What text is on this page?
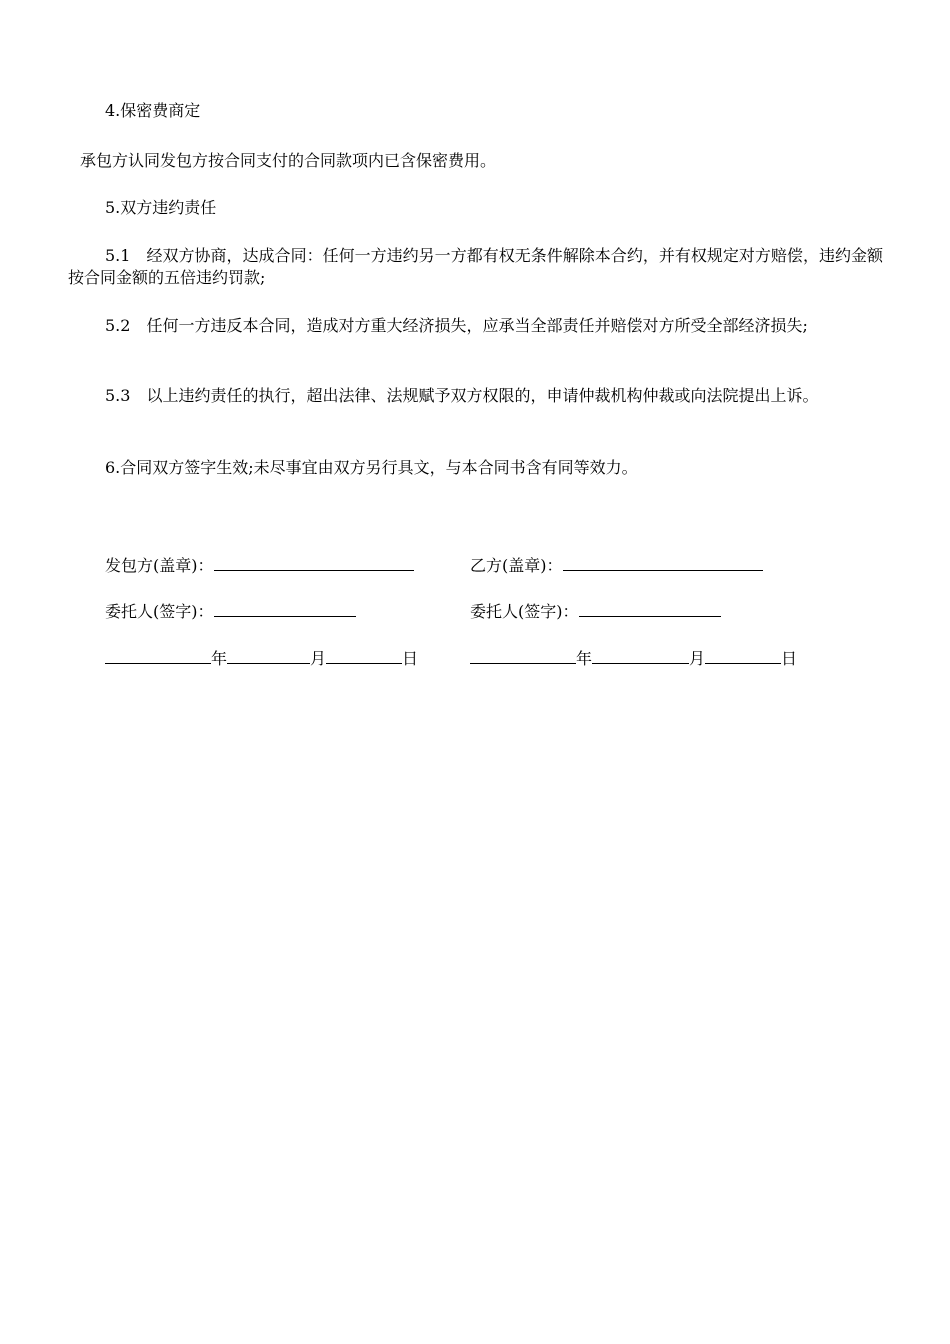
4.保密费商定
承包方认同发包方按合同支付的合同款项内已含保密费用。
5.双方违约责任
5.1　经双方协商，达成合同：任何一方违约另一方都有权无条件解除本合约，并有权规定对方赔偿，违约金额按合同金额的五倍违约罚款;
5.2　任何一方违反本合同，造成对方重大经济损失，应承当全部责任并赔偿对方所受全部经济损失;
5.3　以上违约责任的执行，超出法律、法规赋予双方权限的，申请仲裁机构仲裁或向法院提出上诉。
6.合同双方签字生效;未尽事宜由双方另行具文，与本合同书含有同等效力。
发包方(盖章)：
委托人(签字)：
年	月	日
乙方(盖章)：
委托人(签字)：
年	月	日
